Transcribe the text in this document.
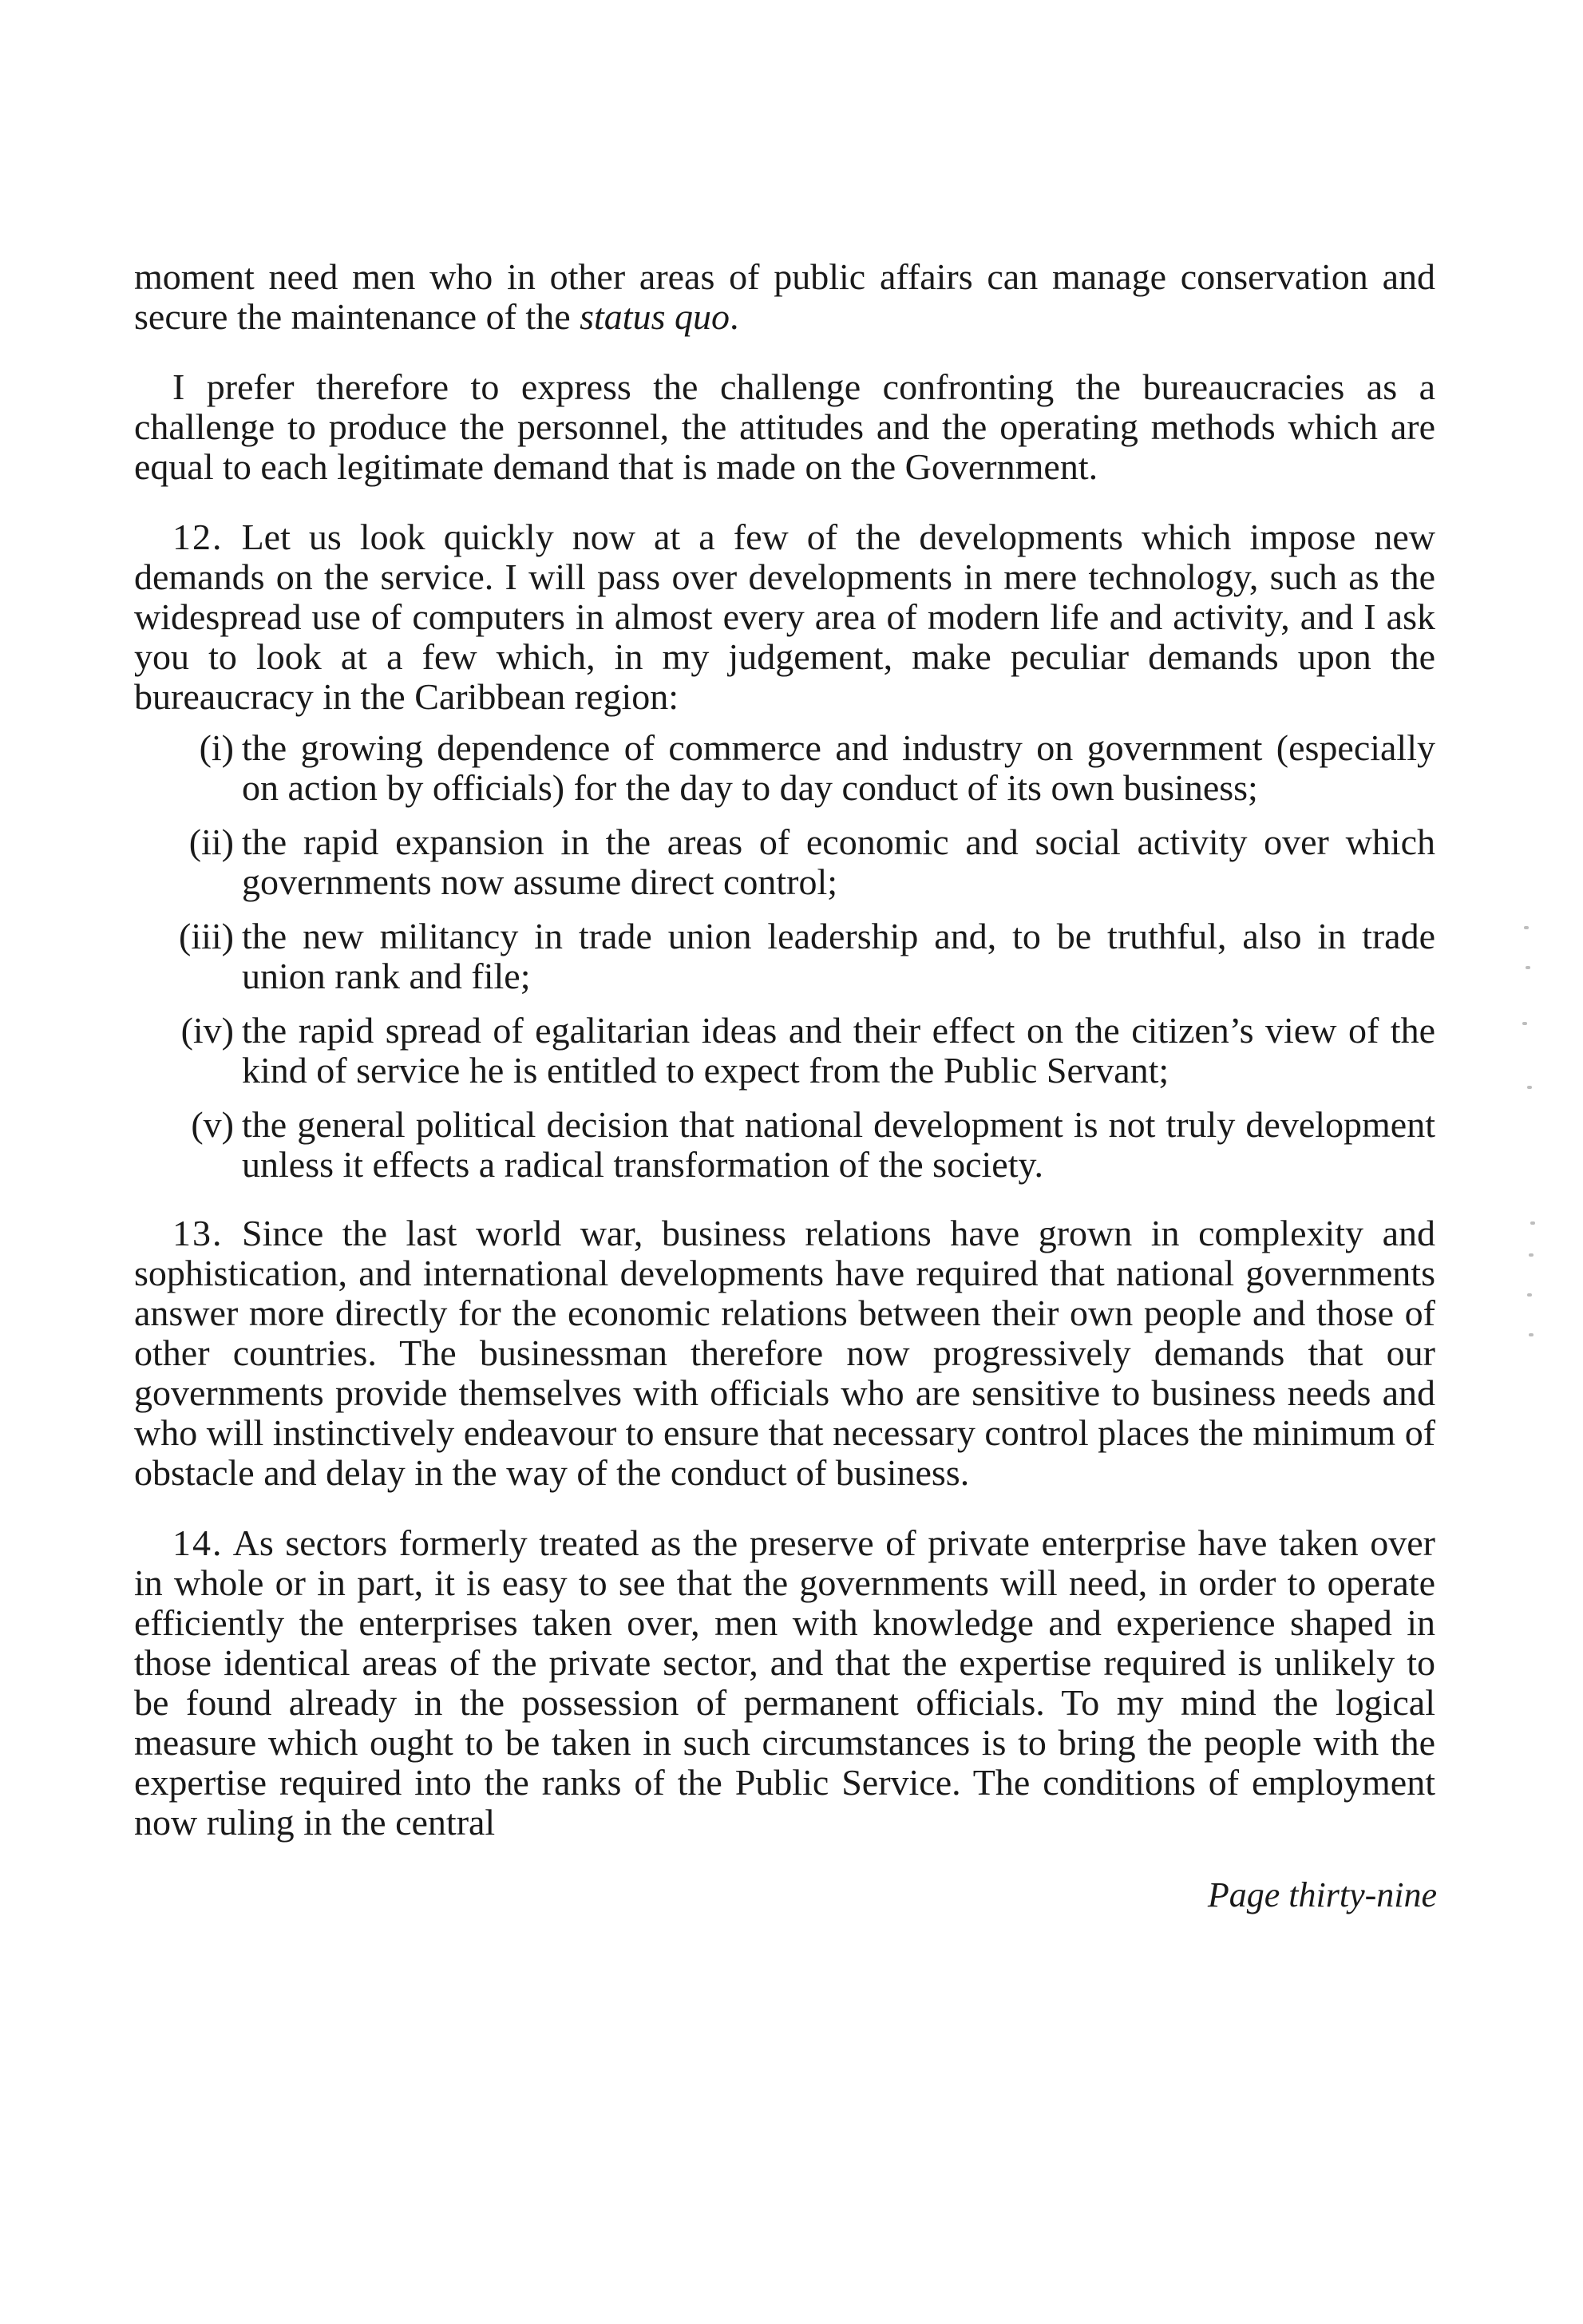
moment need men who in other areas of public affairs can manage conservation and secure the maintenance of the status quo.

I prefer therefore to express the challenge confronting the bureaucracies as a challenge to produce the personnel, the attitudes and the operating methods which are equal to each legitimate demand that is made on the Government.

12. Let us look quickly now at a few of the developments which impose new demands on the service. I will pass over developments in mere technology, such as the widespread use of computers in almost every area of modern life and activity, and I ask you to look at a few which, in my judgement, make peculiar demands upon the bureaucracy in the Caribbean region:

(i) the growing dependence of commerce and industry on government (especially on action by officials) for the day to day conduct of its own business;
(ii) the rapid expansion in the areas of economic and social activity over which governments now assume direct control;
(iii) the new militancy in trade union leadership and, to be truthful, also in trade union rank and file;
(iv) the rapid spread of egalitarian ideas and their effect on the citizen’s view of the kind of service he is entitled to expect from the Public Servant;
(v) the general political decision that national development is not truly development unless it effects a radical transformation of the society.

13. Since the last world war, business relations have grown in complexity and sophistication, and international developments have required that national governments answer more directly for the economic relations between their own people and those of other countries. The businessman therefore now progressively demands that our governments provide themselves with officials who are sensitive to business needs and who will instinctively endeavour to ensure that necessary control places the minimum of obstacle and delay in the way of the conduct of business.

14. As sectors formerly treated as the preserve of private enterprise have taken over in whole or in part, it is easy to see that the governments will need, in order to operate efficiently the enterprises taken over, men with knowledge and experience shaped in those identical areas of the private sector, and that the expertise required is unlikely to be found already in the possession of permanent officials. To my mind the logical measure which ought to be taken in such circumstances is to bring the people with the expertise required into the ranks of the Public Service. The conditions of employment now ruling in the central

Page thirty-nine
